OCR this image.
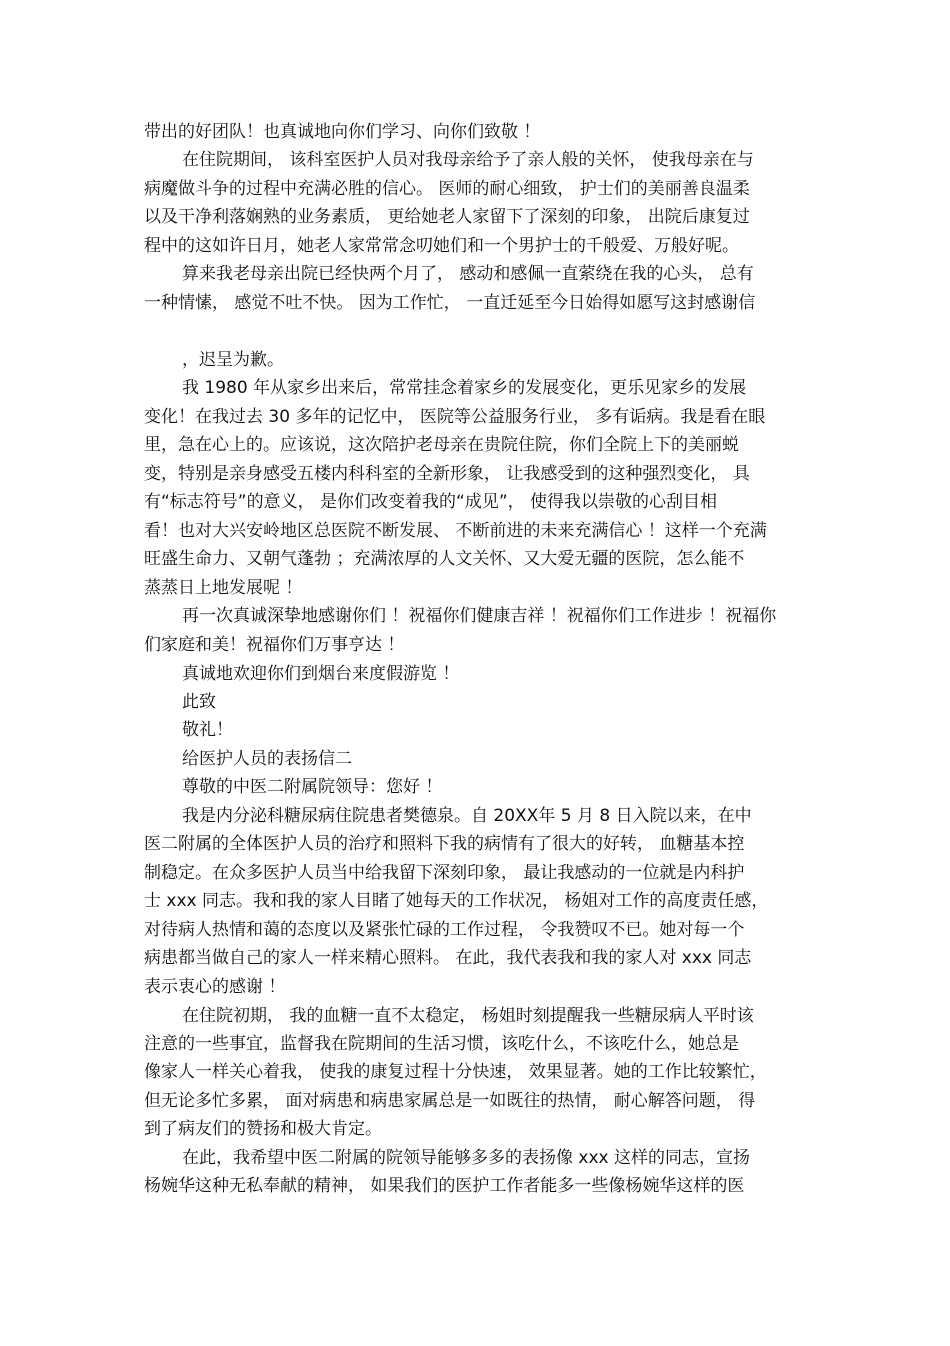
带出的好团队！也真诚地向你们学习、向你们致敬 ！

在住院期间， 该科室医护人员对我母亲给予了亲人般的关怀， 使我母亲在与

病魔做斗争的过程中充满必胜的信心。 医师的耐心细致， 护士们的美丽善良温柔

以及干净利落娴熟的业务素质， 更给她老人家留下了深刻的印象， 出院后康复过

程中的这如许日月，她老人家常常念叨她们和一个男护士的千般爱、万般好呢。

算来我老母亲出院已经快两个月了， 感动和感佩一直萦绕在我的心头， 总有

一种情愫， 感觉不吐不快。 因为工作忙， 一直迁延至今日始得如愿写这封感谢信

，迟呈为歉。

我 1980 年从家乡出来后，常常挂念着家乡的发展变化，更乐见家乡的发展

变化！在我过去 30 多年的记忆中， 医院等公益服务行业， 多有诟病。我是看在眼

里，急在心上的。应该说，这次陪护老母亲在贵院住院，你们全院上下的美丽蜕

变，特别是亲身感受五楼内科科室的全新形象， 让我感受到的这种强烈变化， 具

有“标志符号”的意义， 是你们改变着我的“成见”， 使得我以崇敬的心刮目相

看！也对大兴安岭地区总医院不断发展、 不断前进的未来充满信心 ！这样一个充满

旺盛生命力、又朝气蓬勃 ；充满浓厚的人文关怀、又大爱无疆的医院，怎么能不

蒸蒸日上地发展呢 ！

再一次真诚深挚地感谢你们 ！祝福你们健康吉祥 ！祝福你们工作进步 ！祝福你

们家庭和美！祝福你们万事亨达 ！

真诚地欢迎你们到烟台来度假游览 ！

此致

敬礼！

给医护人员的表扬信二

尊敬的中医二附属院领导：您好 ！

我是内分泌科糖尿病住院患者樊德泉。自 20XX年 5 月 8 日入院以来，在中

医二附属的全体医护人员的治疗和照料下我的病情有了很大的好转， 血糖基本控

制稳定。在众多医护人员当中给我留下深刻印象， 最让我感动的一位就是内科护

士 xxx 同志。我和我的家人目睹了她每天的工作状况， 杨姐对工作的高度责任感，

对待病人热情和蔼的态度以及紧张忙碌的工作过程， 令我赞叹不已。她对每一个

病患都当做自己的家人一样来精心照料。 在此，我代表我和我的家人对 xxx 同志

表示衷心的感谢 ！

在住院初期， 我的血糖一直不太稳定， 杨姐时刻提醒我一些糖尿病人平时该

注意的一些事宜，监督我在院期间的生活习惯，该吃什么，不该吃什么，她总是

像家人一样关心着我， 使我的康复过程十分快速， 效果显著。她的工作比较繁忙，

但无论多忙多累， 面对病患和病患家属总是一如既往的热情， 耐心解答问题， 得

到了病友们的赞扬和极大肯定。

在此，我希望中医二附属的院领导能够多多的表扬像 xxx 这样的同志，宣扬

杨婉华这种无私奉献的精神， 如果我们的医护工作者能多一些像杨婉华这样的医
